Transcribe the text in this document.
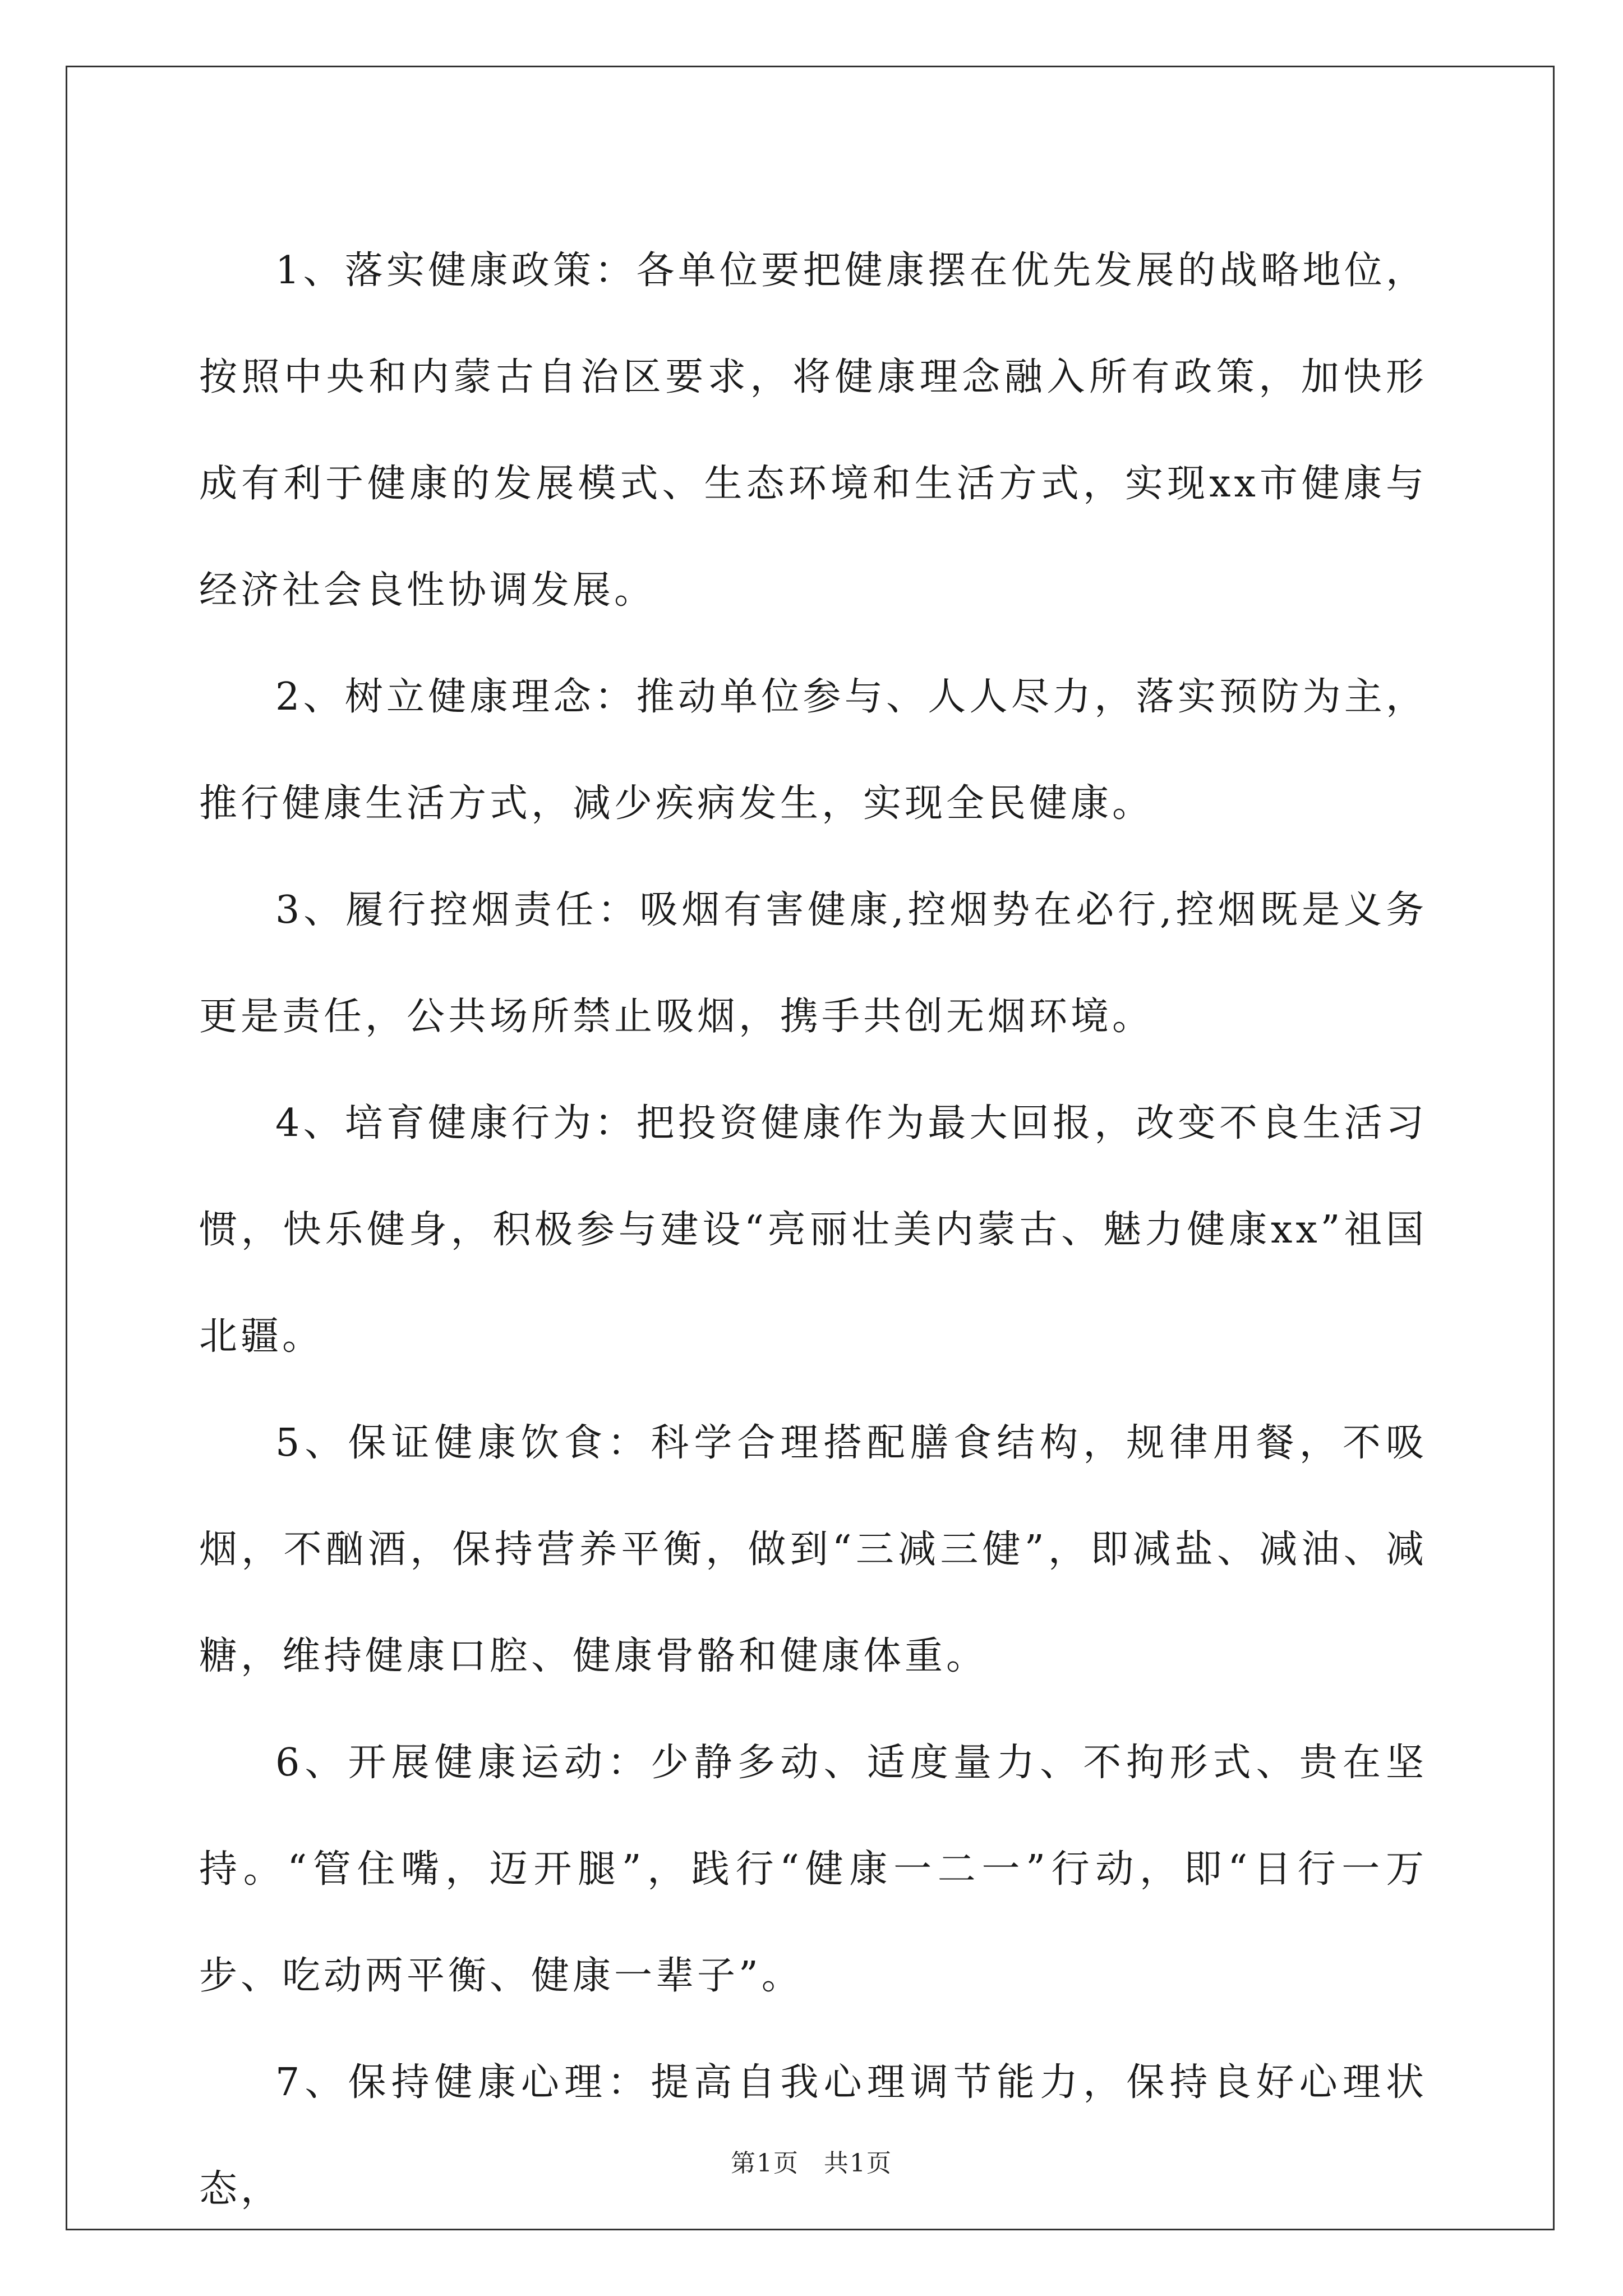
1、落实健康政策：各单位要把健康摆在优先发展的战略地位，按照中央和内蒙古自治区要求，将健康理念融入所有政策，加快形成有利于健康的发展模式、生态环境和生活方式，实现xx市健康与经济社会良性协调发展。

2、树立健康理念：推动单位参与、人人尽力，落实预防为主，推行健康生活方式，减少疾病发生，实现全民健康。

3、履行控烟责任：吸烟有害健康,控烟势在必行,控烟既是义务更是责任，公共场所禁止吸烟，携手共创无烟环境。

4、培育健康行为：把投资健康作为最大回报，改变不良生活习惯，快乐健身，积极参与建设“亮丽壮美内蒙古、魅力健康xx”祖国北疆。

5、保证健康饮食：科学合理搭配膳食结构，规律用餐，不吸烟，不酗酒，保持营养平衡，做到“三减三健”，即减盐、减油、减糖，维持健康口腔、健康骨骼和健康体重。

6、开展健康运动：少静多动、适度量力、不拘形式、贵在坚持。“管住嘴，迈开腿”，践行“健康一二一”行动，即“日行一万步、吃动两平衡、健康一辈子”。

7、保持健康心理：提高自我心理调节能力，保持良好心理状态，

第1页 共1页
